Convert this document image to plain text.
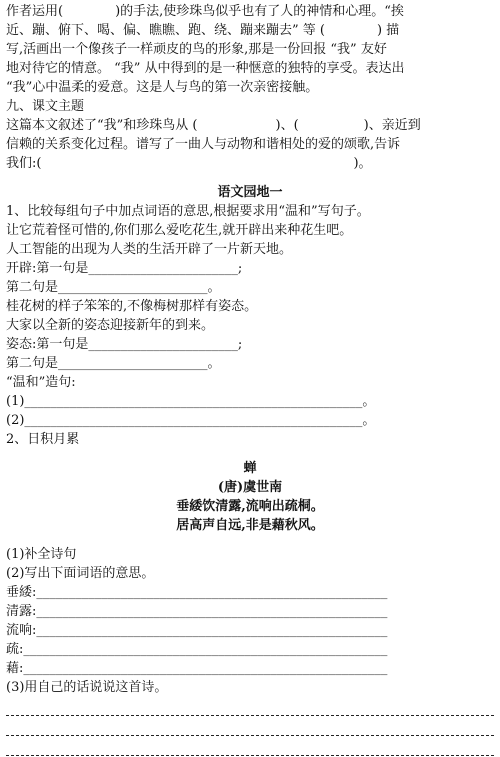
作者运用(　　　　)的手法,使珍珠鸟似乎也有了人的神情和心理。“挨
近、蹦、俯下、喝、偏、瞧瞧、跑、绕、蹦来蹦去” 等 (　　　　) 描
写,活画出一个像孩子一样顽皮的鸟的形象,那是一份回报 “我” 友好
地对待它的情意。 “我” 从中得到的是一种惬意的独特的享受。表达出
“我”心中温柔的爱意。这是人与鸟的第一次亲密接触。
九、课文主题
这篇本文叙述了“我”和珍珠鸟从 (　　　　　　)、(　　　　　)、亲近到
信赖的关系变化过程。谱写了一曲人与动物和谐相处的爱的颂歌,告诉
我们:(　　　　　　　　　　　　　　　　　　　　　　　　)。
语文园地一
1、比较每组句子中加点词语的意思,根据要求用“温和”写句子。
让它荒着怪可惜的,你们那么爱吃花生,就开辟出来种花生吧。
人工智能的出现为人类的生活开辟了一片新天地。
开辟:第一句是_______________________;
第二句是_______________________。
桂花树的样子笨笨的,不像梅树那样有姿态。
大家以全新的姿态迎接新年的到来。
姿态:第一句是_______________________;
第二句是_______________________。
“温和”造句:
(1)____________________________________________________。
(2)____________________________________________________。
2、日积月累
蝉
(唐)虞世南
垂緌饮清露,流响出疏桐。
居高声自远,非是藉秋风。
(1)补全诗句
(2)写出下面词语的意思。
垂緌:______________________________________________________
清露:______________________________________________________
流响:______________________________________________________
疏:________________________________________________________
藉:________________________________________________________
(3)用自己的话说说这首诗。
